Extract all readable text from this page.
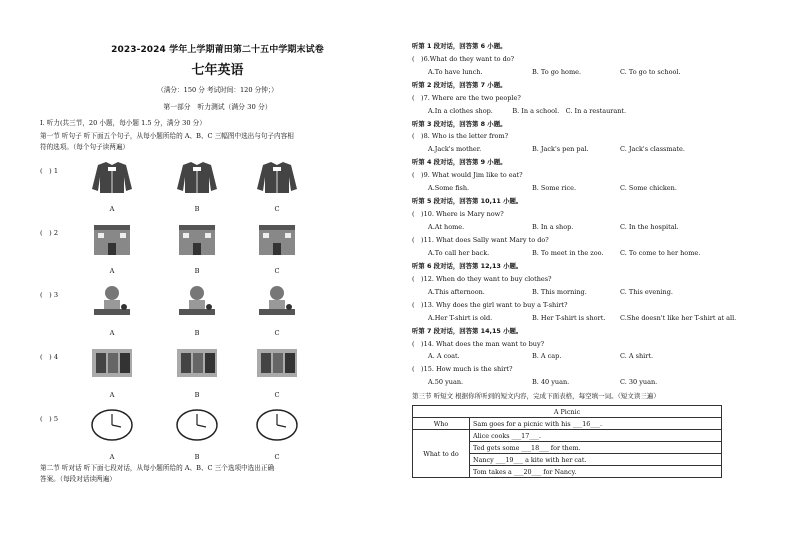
2023-2024 学年上学期莆田第二十五中学期末试卷
七年英语
（满分：150 分 考试时间：120 分钟；）
第一部分　听力测试（满分 30 分）
I. 听力(共三节，20 小题，每小题 1.5 分，满分 30 分）
第一节 听句子 听下面五个句子，从每小题所给的 A、B、C 三幅图中选出与句子内容相
符的选项。（每个句子读两遍）
(　) 1
A	B	C
(　) 2
A	B	C
(　) 3
A	B	C
(　) 4
A	B	C
(　) 5
A	B	C
第二节 听对话 听下面七段对话，从每小题所给的 A、B、C 三个选项中选出正确
答案。（每段对话读两遍）
听第 1 段对话，回答第 6 小题。
(　)6.What do they want to do?
A.To have lunch.	B. To go home.	C. To go to school.
听第 2 段对话，回答第 7 小题。
(　)7. Where are the two people?
A.In a clothes shop.　　　B. In a school.　C. In a restaurant.
听第 3 段对话，回答第 8 小题。
(　)8. Who is the letter from?
A.Jack's mother.	B. Jack's pen pal.	C. Jack's classmate.
听第 4 段对话，回答第 9 小题。
(　)9. What would Jim like to eat?
A.Some fish.	B. Some rice.	C. Some chicken.
听第 5 段对话，回答第 10,11 小题。
(　)10. Where is Mary now?
A.At home.	B. In a shop.	C. In the hospital.
(　)11. What does Sally want Mary to do?
A.To call her back.	B. To meet in the zoo.	C. To come to her home.
听第 6 段对话，回答第 12,13 小题。
(　)12. When do they want to buy clothes?
A.This afternoon.	B. This morning.	C. This evening.
(　)13. Why does the girl want to buy a T-shirt?
A.Her T-shirt is old.	B. Her T-shirt is short. C.She doesn't like her T-shirt at all.
听第 7 段对话，回答第 14,15 小题。
(　)14. What does the man want to buy?
A. A coat.	B. A cap.	C. A shirt.
(　)15. How much is the shirt?
A.50 yuan.	B. 40 yuan.	C. 30 yuan.
第三节 听短文 根据你所听到的短文内容，完成下面表格，每空填一词。（短文读三遍）
A Picnic	
Who	Sam goes for a picnic with his ___16___.
What to do	Alice cooks ___17___.
	Ted gets some ___18___ for them.
	Nancy ___19___ a kite with her cat.
	Tom takes a ___20___ for Nancy.
